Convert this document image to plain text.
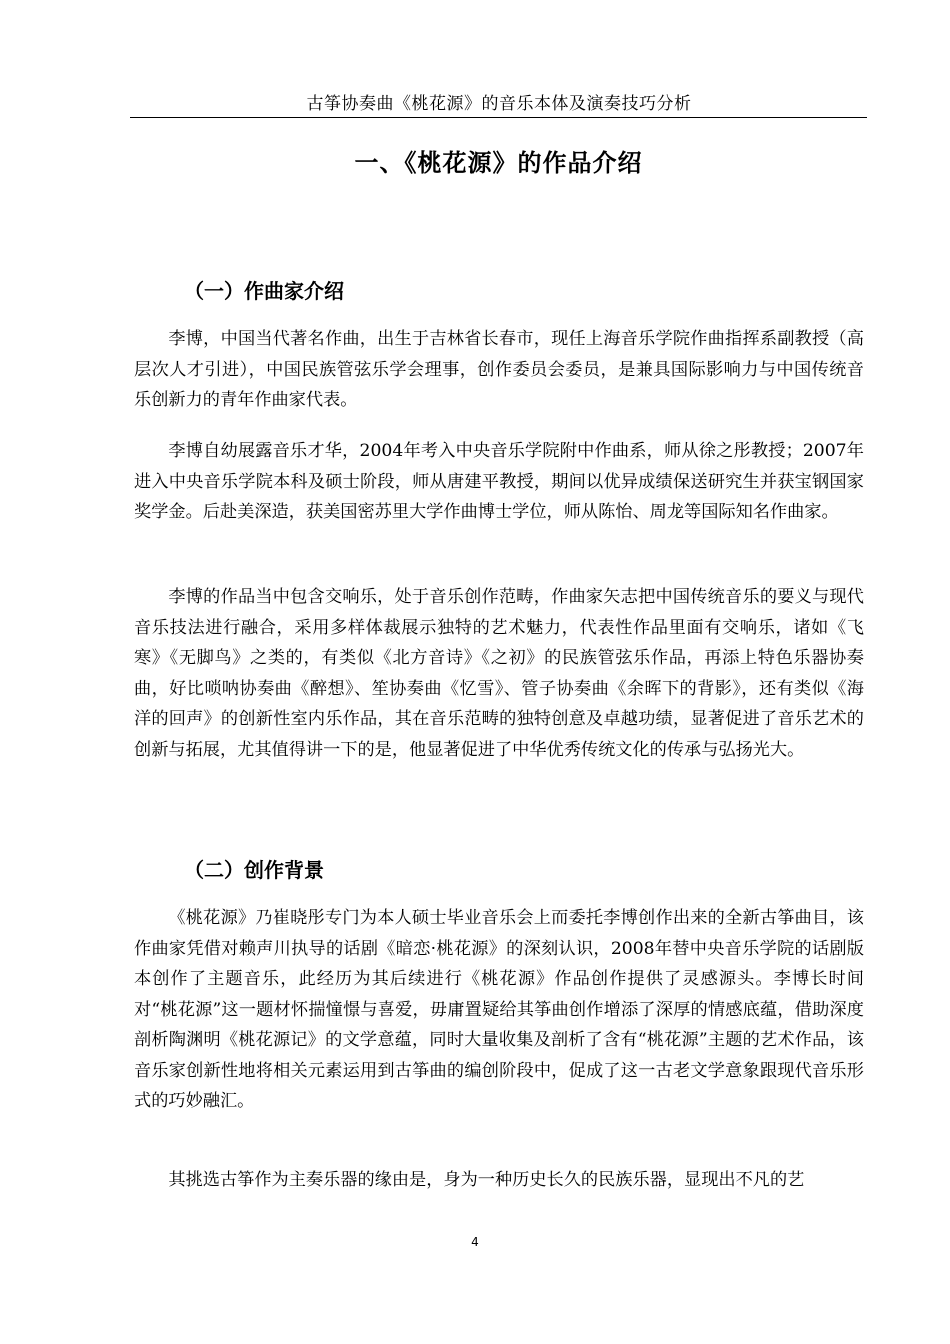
古筝协奏曲《桃花源》的音乐本体及演奏技巧分析
一、《桃花源》的作品介绍
（一）作曲家介绍

李博，中国当代著名作曲，出生于吉林省长春市，现任上海音乐学院作曲指挥系副教授（高层次人才引进），中国民族管弦乐学会理事，创作委员会委员，是兼具国际影响力与中国传统音乐创新力的青年作曲家代表。

李博自幼展露音乐才华，2004年考入中央音乐学院附中作曲系，师从徐之彤教授；2007年进入中央音乐学院本科及硕士阶段，师从唐建平教授，期间以优异成绩保送研究生并获宝钢国家奖学金。后赴美深造，获美国密苏里大学作曲博士学位，师从陈怡、周龙等国际知名作曲家。

李博的作品当中包含交响乐，处于音乐创作范畴，作曲家矢志把中国传统音乐的要义与现代音乐技法进行融合，采用多样体裁展示独特的艺术魅力，代表性作品里面有交响乐，诸如《飞寒》《无脚鸟》之类的，有类似《北方音诗》《之初》的民族管弦乐作品，再添上特色乐器协奏曲，好比唢呐协奏曲《醉想》、笙协奏曲《忆雪》、管子协奏曲《余晖下的背影》，还有类似《海洋的回声》的创新性室内乐作品，其在音乐范畴的独特创意及卓越功绩，显著促进了音乐艺术的创新与拓展，尤其值得讲一下的是，他显著促进了中华优秀传统文化的传承与弘扬光大。

（二）创作背景

《桃花源》乃崔晓彤专门为本人硕士毕业音乐会上而委托李博创作出来的全新古筝曲目，该作曲家凭借对赖声川执导的话剧《暗恋·桃花源》的深刻认识，2008年替中央音乐学院的话剧版本创作了主题音乐，此经历为其后续进行《桃花源》作品创作提供了灵感源头。李博长时间对“桃花源”这一题材怀揣憧憬与喜爱，毋庸置疑给其筝曲创作增添了深厚的情感底蕴，借助深度剖析陶渊明《桃花源记》的文学意蕴，同时大量收集及剖析了含有“桃花源”主题的艺术作品，该音乐家创新性地将相关元素运用到古筝曲的编创阶段中，促成了这一古老文学意象跟现代音乐形式的巧妙融汇。

其挑选古筝作为主奏乐器的缘由是，身为一种历史长久的民族乐器，显现出不凡的艺

4
